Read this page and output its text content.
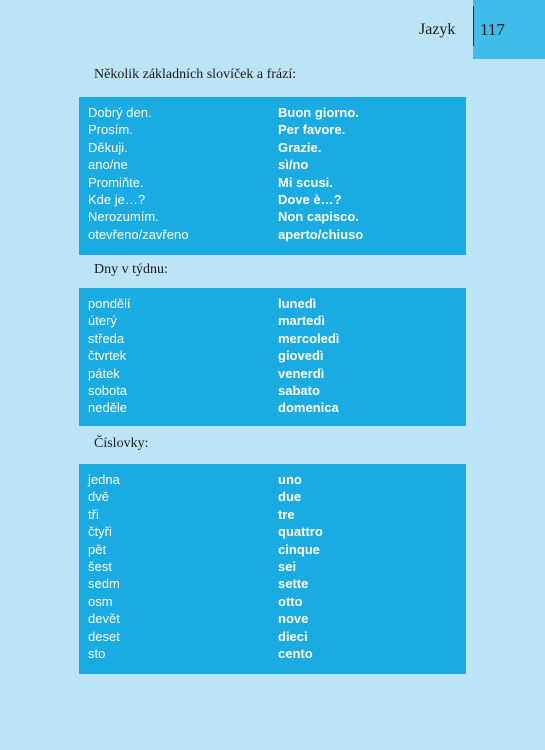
Jazyk 117
Několik základních slovíček a frází:
Dobrý den.	Buon giorno.
Prosím.	Per favore.
Děkuji.	Grazie.
ano/ne	sì/no
Promiňte.	Mi scusi.
Kde je…?	Dove è…?
Nerozumím.	Non capisco.
otevřeno/zavřeno	aperto/chiuso
Dny v týdnu:
pondělí	lunedì
úterý	martedì
středa	mercoledì
čtvrtek	giovedì
pátek	venerdì
sobota	sabato
neděle	domenica
Číslovky:
jedna	uno
dvě	due
tři	tre
čtyři	quattro
pět	cinque
šest	sei
sedm	sette
osm	otto
devět	nove
deset	dieci
sto	cento
